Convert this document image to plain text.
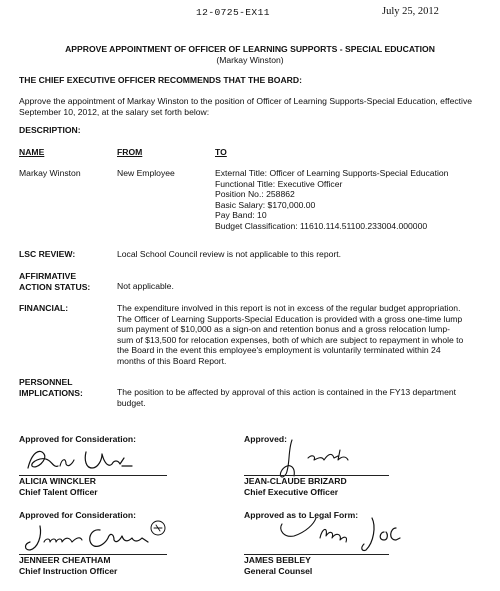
12-0725-EX11	July 25, 2012
APPROVE APPOINTMENT OF OFFICER OF LEARNING SUPPORTS - SPECIAL EDUCATION
(Markay Winston)
THE CHIEF EXECUTIVE OFFICER RECOMMENDS THAT THE BOARD:
Approve the appointment of Markay Winston to the position of Officer of Learning Supports-Special Education, effective September 10, 2012, at the salary set forth below:
DESCRIPTION:
NAME	FROM	TO
Markay Winston	New Employee	External Title: Officer of Learning Supports-Special Education
Functional Title: Executive Officer
Position No.: 258862
Basic Salary: $170,000.00
Pay Band: 10
Budget Classification: 11610.114.51100.233004.000000
LSC REVIEW:	Local School Council review is not applicable to this report.
AFFIRMATIVE
ACTION STATUS:	Not applicable.
FINANCIAL:	The expenditure involved in this report is not in excess of the regular budget appropriation.
The Officer of Learning Supports-Special Education is provided with a gross one-time lump
sum payment of $10,000 as a sign-on and retention bonus and a gross relocation lump-
sum of $13,500 for relocation expenses, both of which are subject to repayment in whole to
the Board in the event this employee's employment is voluntarily terminated within 24
months of this Board Report.
PERSONNEL
IMPLICATIONS:	The position to be affected by approval of this action is contained in the FY13 department
budget.
Approved for Consideration:
ALICIA WINCKLER
Chief Talent Officer
Approved:
JEAN-CLAUDE BRIZARD
Chief Executive Officer
Approved for Consideration:
JENNEER CHEATHAM
Chief Instruction Officer
Approved as to Legal Form:
JAMES BEBLEY
General Counsel
